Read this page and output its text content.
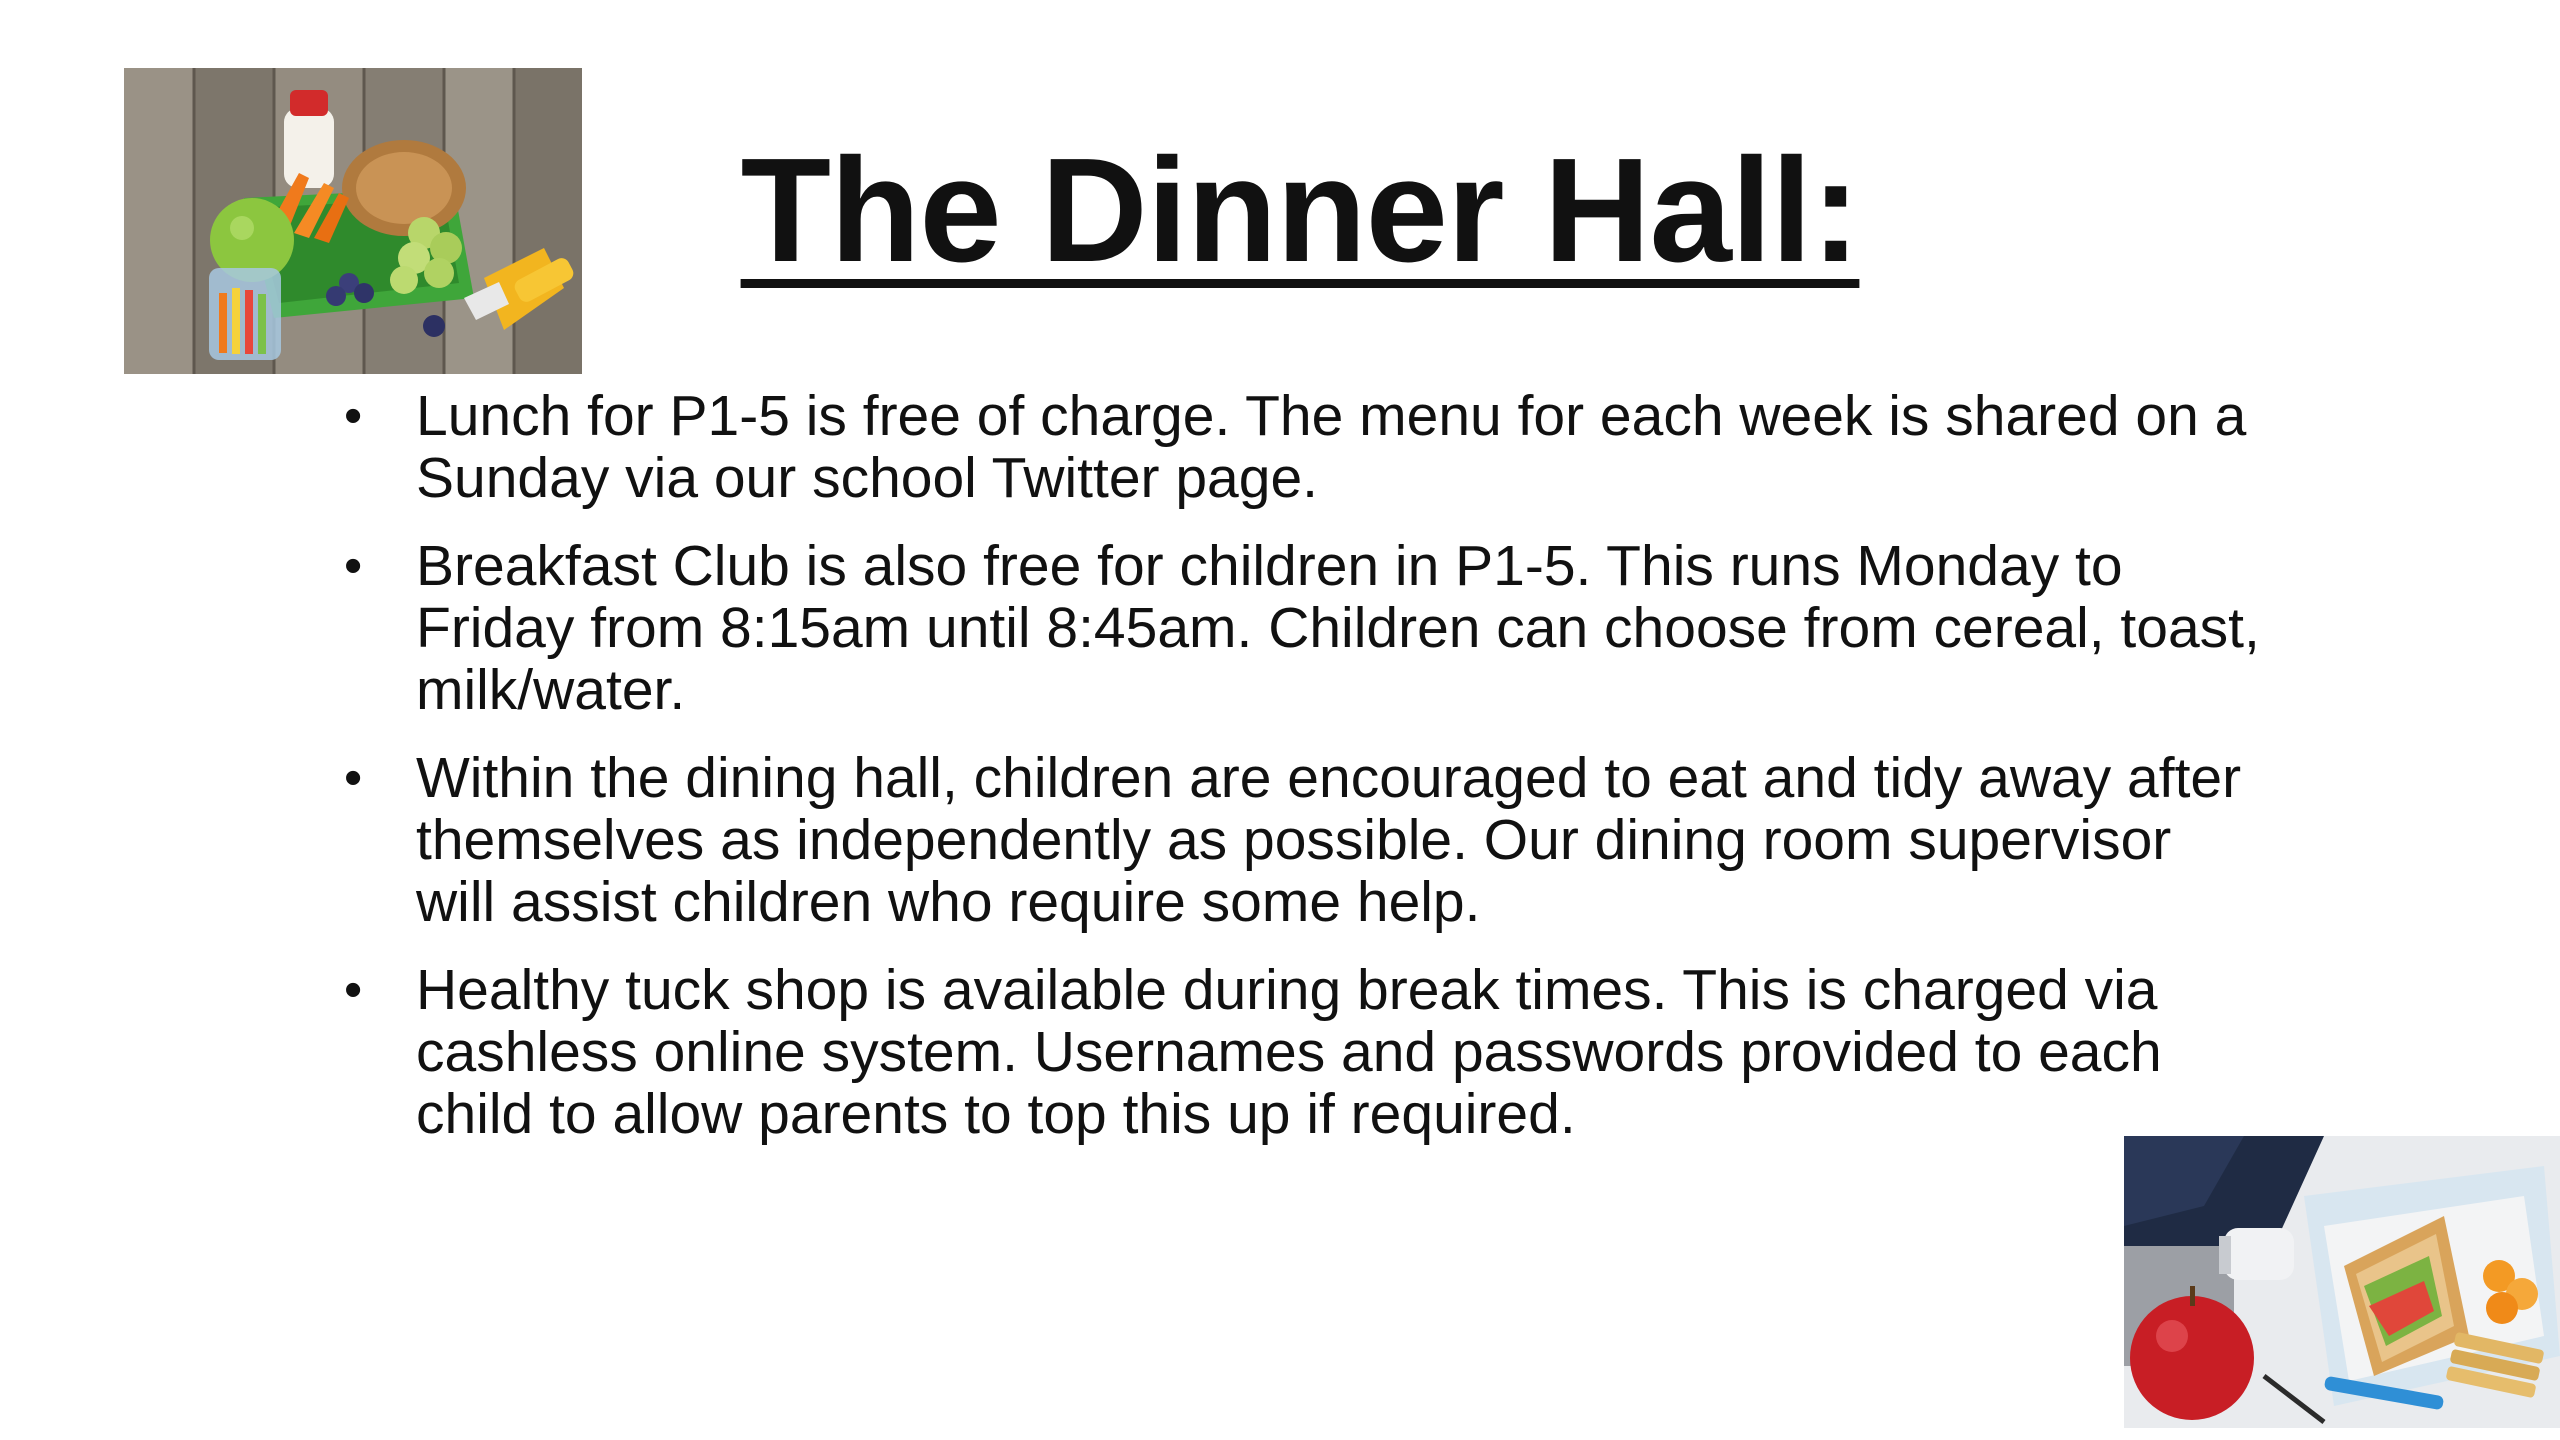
The Dinner Hall:
• Lunch for P1-5 is free of charge. The menu for each week is shared on a Sunday via our school Twitter page.
• Breakfast Club is also free for children in P1-5. This runs Monday to Friday from 8:15am until 8:45am. Children can choose from cereal, toast, milk/water.
• Within the dining hall, children are encouraged to eat and tidy away after themselves as independently as possible. Our dining room supervisor will assist children who require some help.
• Healthy tuck shop is available during break times. This is charged via cashless online system. Usernames and passwords provided to each child to allow parents to top this up if required.
